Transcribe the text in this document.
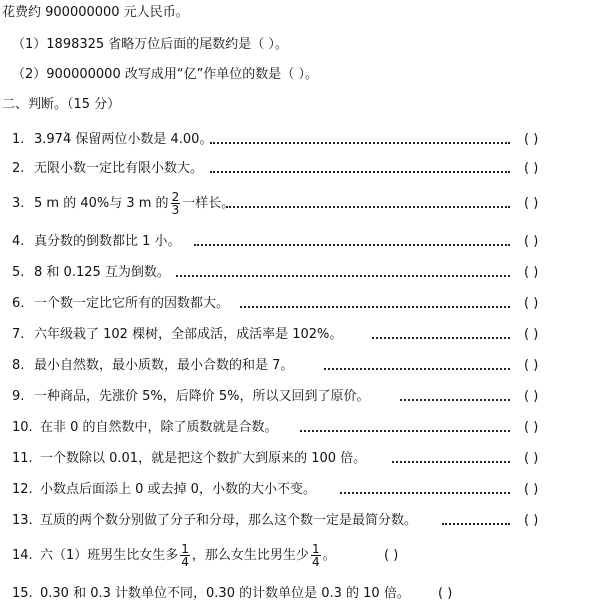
花费约 900000000 元人民币。
（1）1898325 省略万位后面的尾数约是（ ）。
（2）900000000 改写成用“亿”作单位的数是（ ）。
二、判断。（15 分）
1. 3.974 · 保留两位小数是 4.00。	( )
2. 无限小数一定比有限小数大。	( )
3. 5 m 的 40%与 3 m 的 $\frac{2}{3}$ 一样长。	( )
4. 真分数的倒数都比 1 小。	( )
5. 8 和 0.125 互为倒数。	( )
6. 一个数一定比它所有的因数都大。	( )
7. 六年级栽了 102 棵树，全部成活，成活率是 102%。	( )
8. 最小自然数，最小质数，最小合数的和是 7。	( )
9. 一种商品，先涨价 5%，后降价 5%，所以又回到了原价。	( )
10. 在非 0 的自然数中，除了质数就是合数。	( )
11. 一个数除以 0.01，就是把这个数扩大到原来的 100 倍。	( )
12. 小数点后面添上 0 或去掉 0，小数的大小不变。	( )
13. 互质的两个数分别做了分子和分母，那么这个数一定是最简分数。	( )
14. 六（1）班男生比女生多 $\frac{1}{4}$ ，那么女生比男生少 $\frac{1}{4}$ 。	( )
15. 0.30 和 0.3 计数单位不同，0.30 的计数单位是 0.3 的 10 倍。 ( )
